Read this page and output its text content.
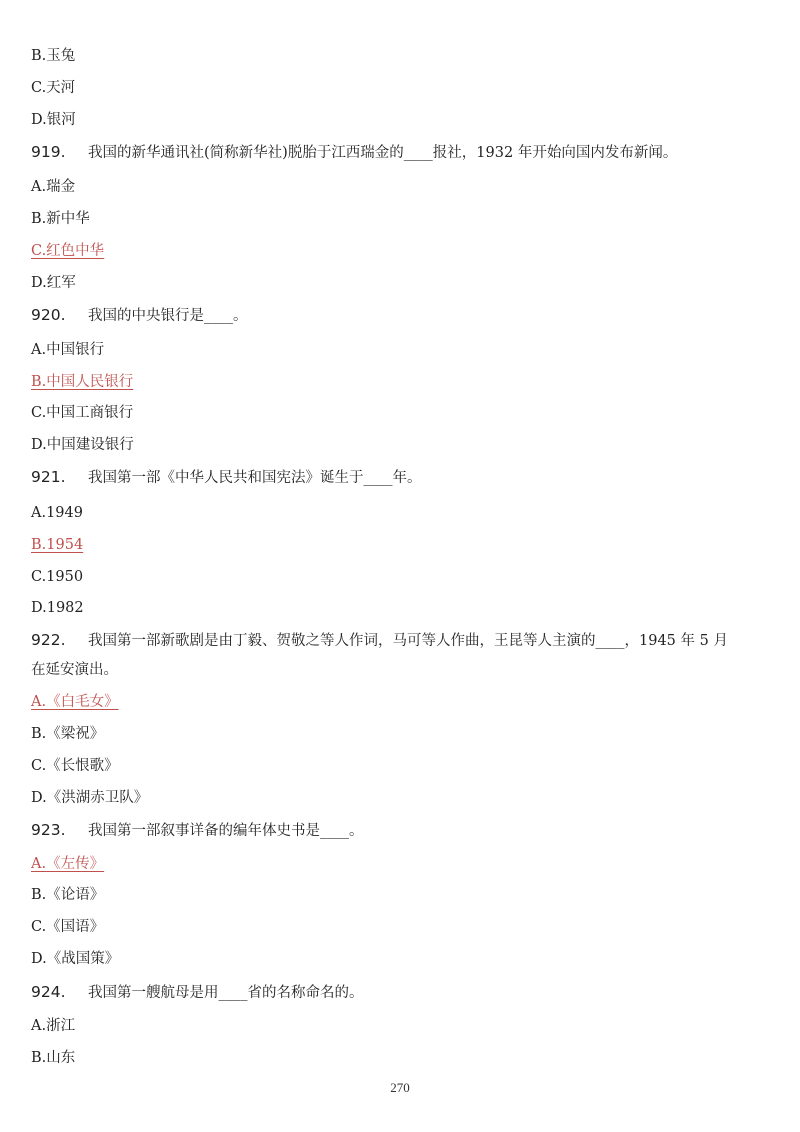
B.玉兔
C.天河
D.银河
919. 我国的新华通讯社(简称新华社)脱胎于江西瑞金的____报社，1932 年开始向国内发布新闻。
A.瑞金
B.新中华
C.红色中华
D.红军
920. 我国的中央银行是____。
A.中国银行
B.中国人民银行
C.中国工商银行
D.中国建设银行
921. 我国第一部《中华人民共和国宪法》诞生于____年。
A.1949
B.1954
C.1950
D.1982
922. 我国第一部新歌剧是由丁毅、贺敬之等人作词，马可等人作曲，王昆等人主演的____，1945 年 5 月
在延安演出。
A.《白毛女》
B.《梁祝》
C.《长恨歌》
D.《洪湖赤卫队》
923. 我国第一部叙事详备的编年体史书是____。
A.《左传》
B.《论语》
C.《国语》
D.《战国策》
924. 我国第一艘航母是用____省的名称命名的。
A.浙江
B.山东
270
